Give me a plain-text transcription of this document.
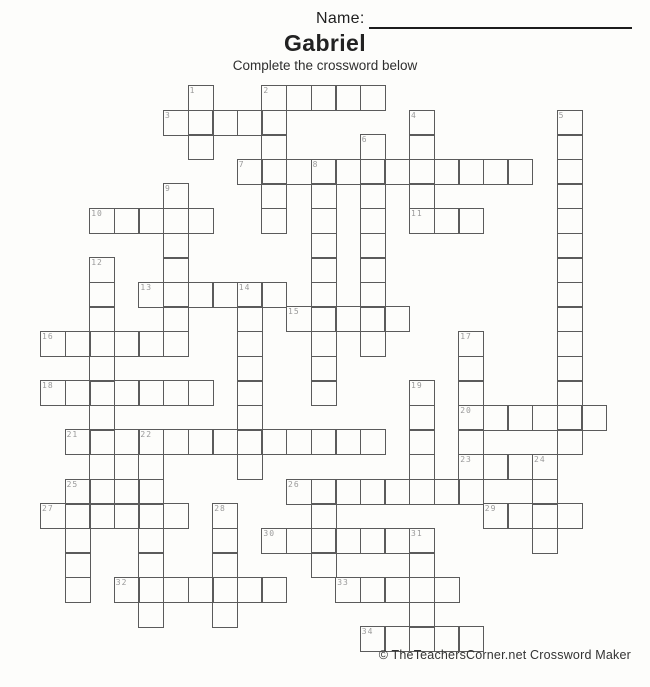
Name:
Gabriel
Complete the crossword below
2
3
7	8
10	11
13	14
15
16
18
20
21	22
23	24
25	26
27	29
30	31
32	33
34
1
4	5
6
9
12
17
19
28
© TheTeachersCorner.net Crossword Maker
